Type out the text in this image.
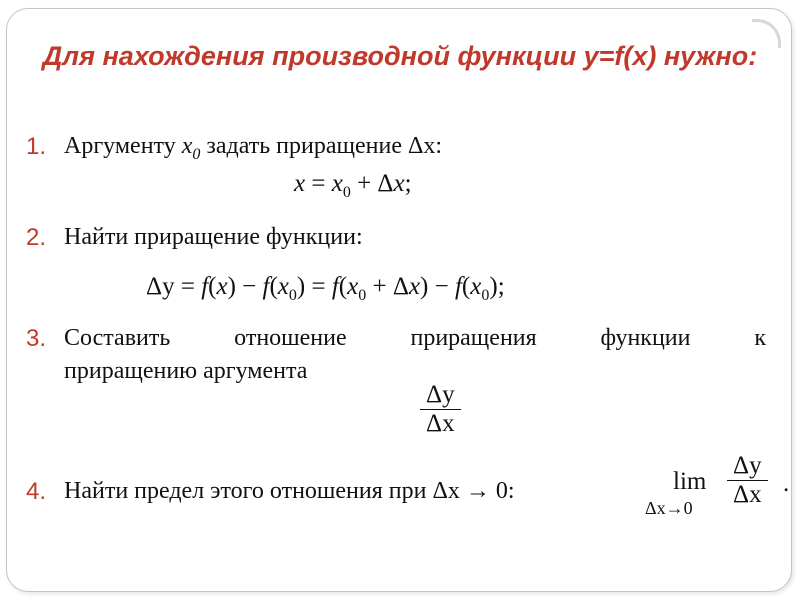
Для нахождения производной функции y=f(x) нужно:
1. Аргументу $x_0$ задать приращение Δx:
$x = x_0 + \Delta x$;
2. Найти приращение функции:
$\Delta y = f(x) - f(x_0) = f(x_0 + \Delta x) - f(x_0)$;
3. Составить отношение приращения функции к
приращению аргумента
Δy
Δx
4. Найти предел этого отношения при Δx → 0:	lim
Δx→0
Δy
Δx .
